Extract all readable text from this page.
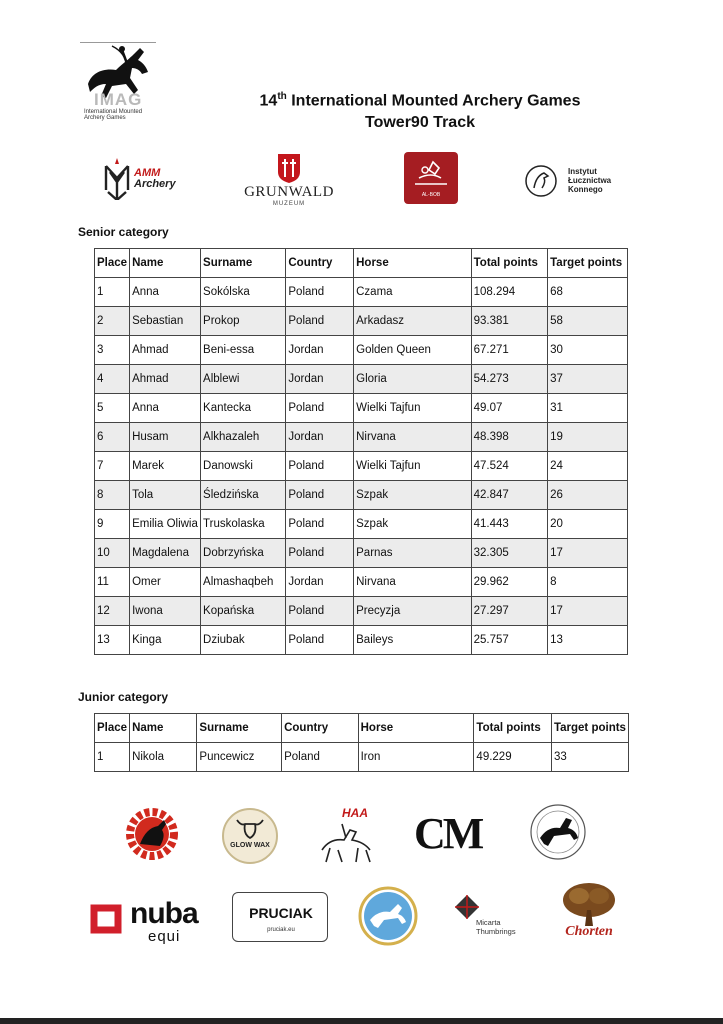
IMAG
International Mounted Archery Games
14th International Mounted Archery Games
Tower90 Track
AMM
Archery	GRUNWALD
MUZEUM
AL-BOB
Instytut
Łucznictwa
Konnego
Senior category
Place	Name	Surname	Country	Horse	Total points	Target points
1	Anna	Sokólska	Poland	Czama	108.294	68
2	Sebastian	Prokop	Poland	Arkadasz	93.381	58
3	Ahmad	Beni-essa	Jordan	Golden Queen	67.271	30
4	Ahmad	Alblewi	Jordan	Gloria	54.273	37
5	Anna	Kantecka	Poland	Wielki Tajfun	49.07	31
6	Husam	Alkhazaleh	Jordan	Nirvana	48.398	19
7	Marek	Danowski	Poland	Wielki Tajfun	47.524	24
8	Tola	Śledzińska	Poland	Szpak	42.847	26
9	Emilia Oliwia	Truskolaska	Poland	Szpak	41.443	20
10	Magdalena	Dobrzyńska	Poland	Parnas	32.305	17
11	Omer	Almashaqbeh	Jordan	Nirvana	29.962	8
12	Iwona	Kopańska	Poland	Precyzja	27.297	17
13	Kinga	Dziubak	Poland	Baileys	25.757	13
Junior category
Place	Name	Surname	Country	Horse	Total points	Target points
1	Nikola	Puncewicz	Poland	Iron	49.229	33
GLOW WAX
HAA CM
nuba
equi
PRUCIAK
pruciak.eu
Micarta
Thumbrings	Chorten
